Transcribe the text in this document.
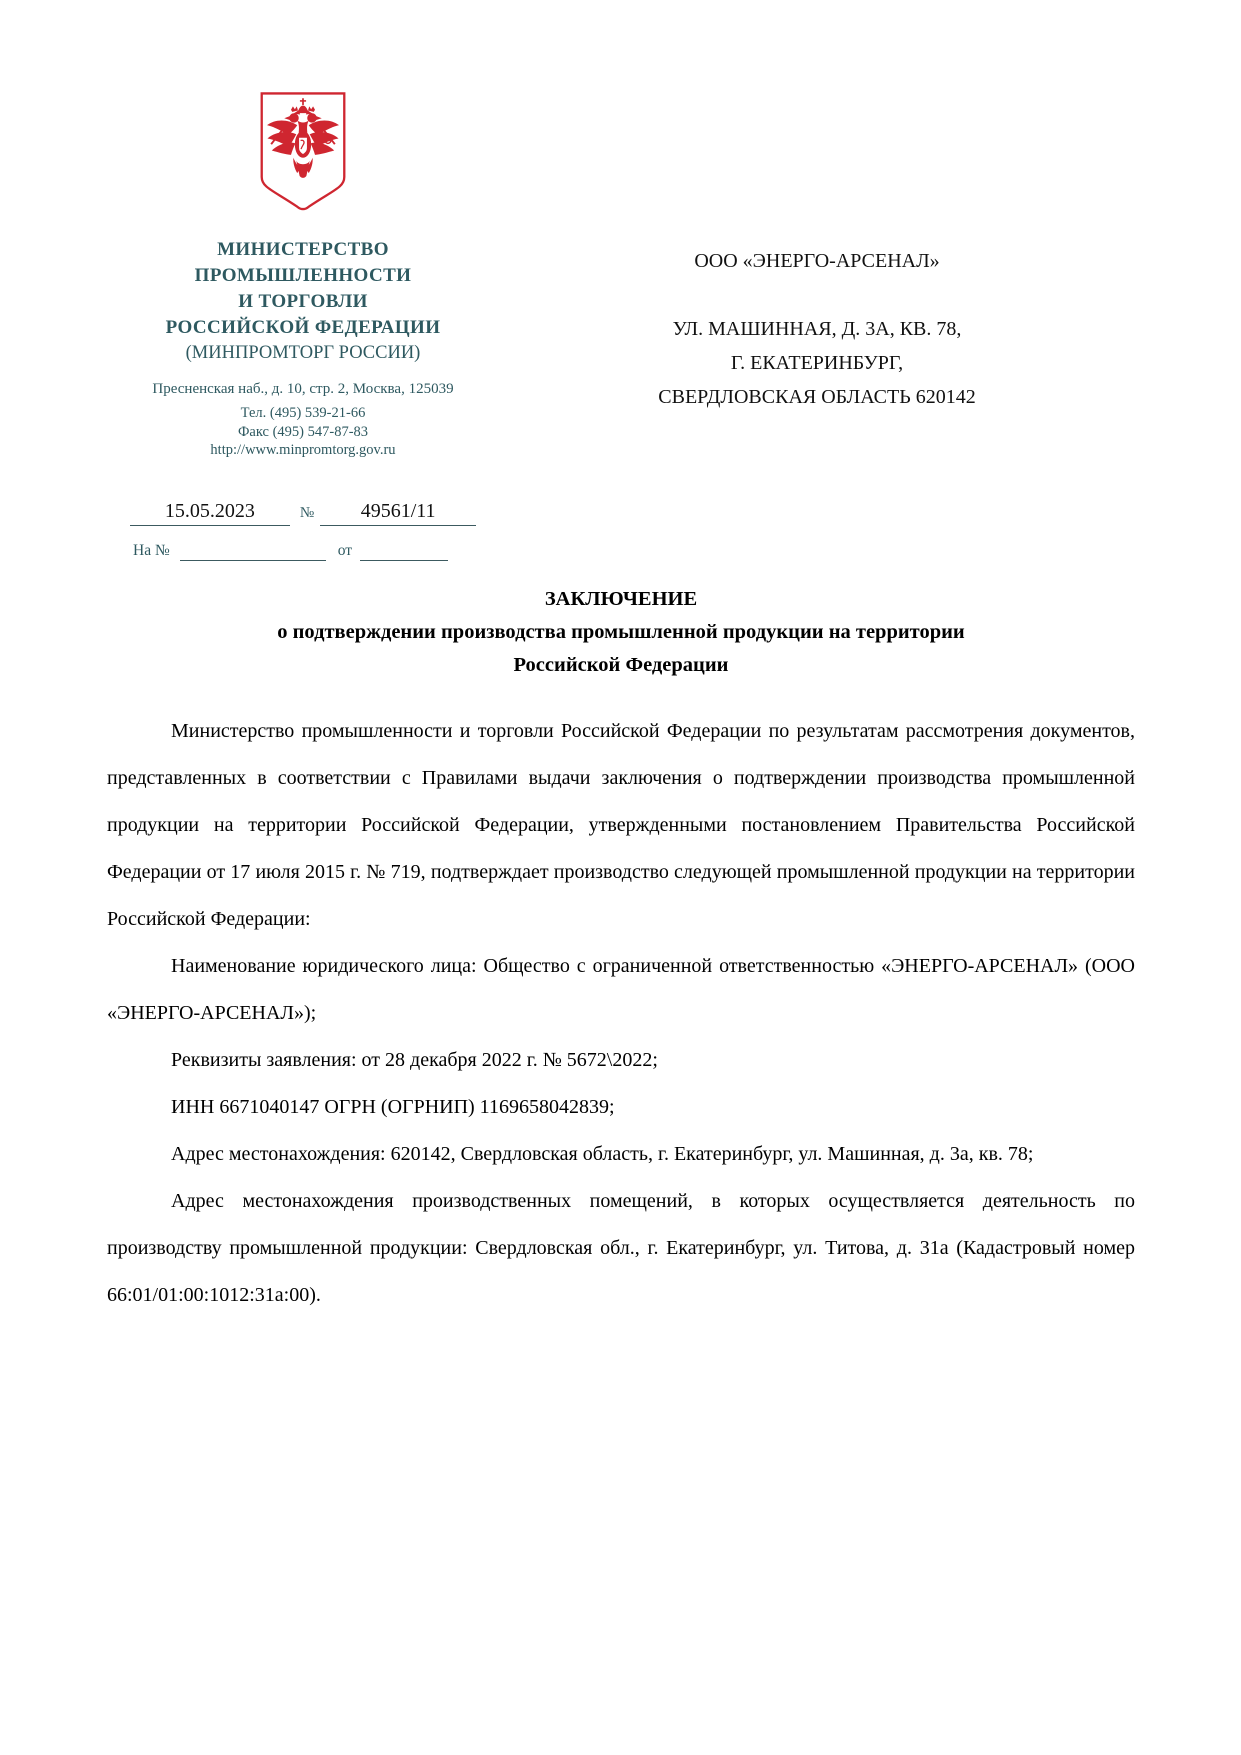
МИНИСТЕРСТВО
ПРОМЫШЛЕННОСТИ
И ТОРГОВЛИ
РОССИЙСКОЙ ФЕДЕРАЦИИ
(МИНПРОМТОРГ РОССИИ)
Пресненская наб., д. 10, стр. 2, Москва, 125039
Тел. (495) 539-21-66
Факс (495) 547-87-83
http://www.minpromtorg.gov.ru
15.05.2023	№	49561/11
На №	от
ООО «ЭНЕРГО-АРСЕНАЛ»
УЛ. МАШИННАЯ, Д. 3А, КВ. 78,
Г. ЕКАТЕРИНБУРГ,
СВЕРДЛОВСКАЯ ОБЛАСТЬ 620142
ЗАКЛЮЧЕНИЕ
о подтверждении производства промышленной продукции на территории
Российской Федерации

Министерство промышленности и торговли Российской Федерации по результатам рассмотрения документов, представленных в соответствии с Правилами выдачи заключения о подтверждении производства промышленной продукции на территории Российской Федерации, утвержденными постановлением Правительства Российской Федерации от 17 июля 2015 г. № 719, подтверждает производство следующей промышленной продукции на территории Российской Федерации:

Наименование юридического лица: Общество с ограниченной ответственностью «ЭНЕРГО-АРСЕНАЛ» (ООО «ЭНЕРГО-АРСЕНАЛ»);

Реквизиты заявления: от 28 декабря 2022 г. № 5672\2022;

ИНН 6671040147 ОГРН (ОГРНИП) 1169658042839;

Адрес местонахождения: 620142, Свердловская область, г. Екатеринбург, ул. Машинная, д. 3а, кв. 78;

Адрес местонахождения производственных помещений, в которых осуществляется деятельность по производству промышленной продукции: Свердловская обл., г. Екатеринбург, ул. Титова, д. 31а (Кадастровый номер 66:01/01:00:1012:31а:00).
